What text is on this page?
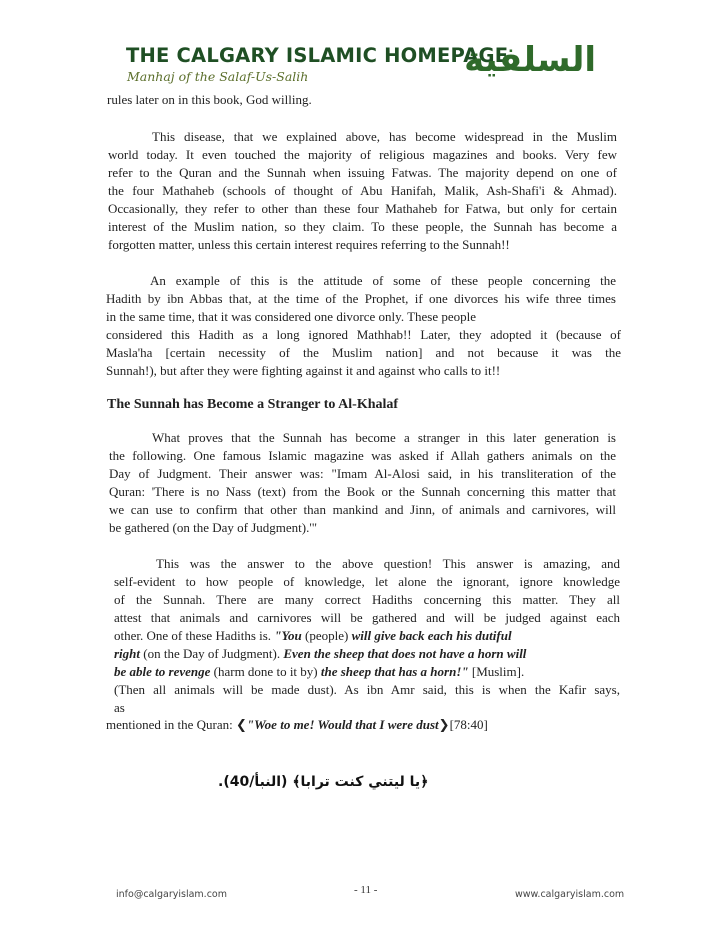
THE CALGARY ISLAMIC HOMEPAGE
Manhaj of the Salaf-Us-Salih	السلفية
rules later on in this book, God willing.
This disease, that we explained above, has become widespread in the Muslim
world today. It even touched the majority of religious magazines and books. Very few
refer to the Quran and the Sunnah when issuing Fatwas. The majority depend on one of
the four Mathaheb (schools of thought of Abu Hanifah, Malik, Ash-Shafi'i & Ahmad).
Occasionally, they refer to other than these four Mathaheb for Fatwa, but only for certain
interest of the Muslim nation, so they claim. To these people, the Sunnah has become a
forgotten matter, unless this certain interest requires referring to the Sunnah!!
An example of this is the attitude of some of these people concerning the
Hadith by ibn Abbas that, at the time of the Prophet, if one divorces his wife three times
in the same time, that it was considered one divorce only. These people
considered this Hadith as a long ignored Mathhab!! Later, they adopted it (because of
Masla'ha [certain necessity of the Muslim nation] and not because it was the
Sunnah!), but after they were fighting against it and against who calls to it!!
The Sunnah has Become a Stranger to Al-Khalaf
What proves that the Sunnah has become a stranger in this later generation is
the following. One famous Islamic magazine was asked if Allah gathers animals on the
Day of Judgment. Their answer was: "Imam Al-Alosi said, in his transliteration of the
Quran: 'There is no Nass (text) from the Book or the Sunnah concerning this matter that
we can use to confirm that other than mankind and Jinn, of animals and carnivores, will
be gathered (on the Day of Judgment).'"
This was the answer to the above question! This answer is amazing, and
self-evident to how people of knowledge, let alone the ignorant, ignore knowledge
of the Sunnah. There are many correct Hadiths concerning this matter. They all
attest that animals and carnivores will be gathered and will be judged against each
other. One of these Hadiths is. "You (people) will give back each his dutiful
right (on the Day of Judgment). Even the sheep that does not have a horn will
be able to revenge (harm done to it by) the sheep that has a horn!" [Muslim].
(Then all animals will be made dust). As ibn Amr said, this is when the Kafir says,
as
mentioned in the Quran: ❮"Woe to me! Would that I were dust❯[78:40]
﴿يا ليتني كنت ترابا﴾ (النبأ/40).
info@calgaryislam.com	- 11 -	www.calgaryislam.com
